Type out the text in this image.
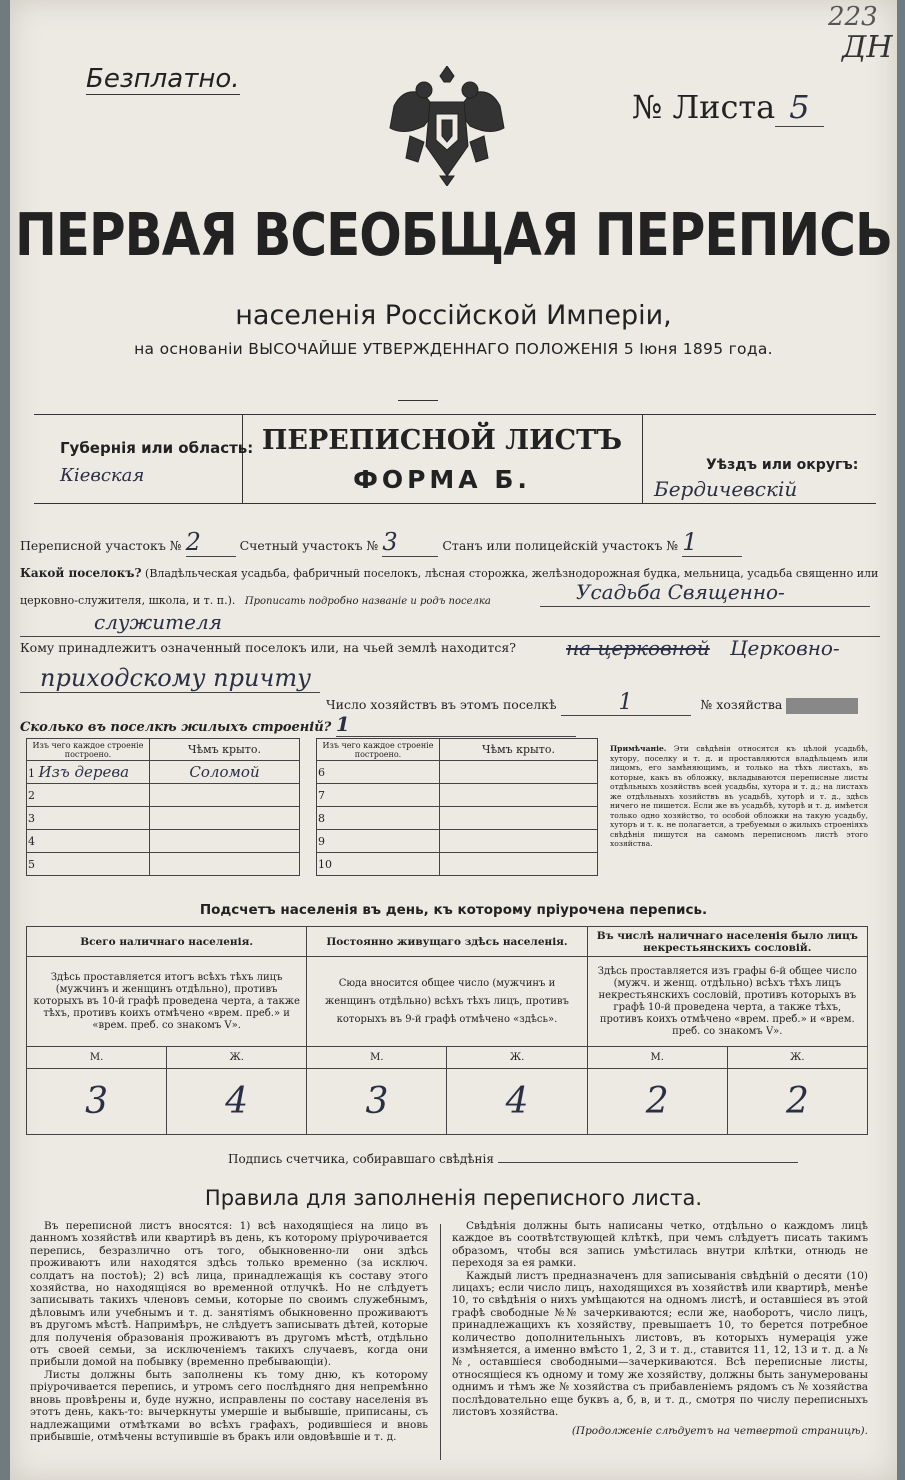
223
ДН
Безплатно.
№ Листа 5
ПЕРВАЯ ВСЕОБЩАЯ ПЕРЕПИСЬ
населенія Россійской Имперіи,
на основаніи ВЫСОЧАЙШЕ УТВЕРЖДЕННАГО ПОЛОЖЕНІЯ 5 Іюня 1895 года.
Губернія или область:
Кіевская
ПЕРЕПИСНОЙ ЛИСТЪ
ФОРМА Б.	Уѣздъ или округъ:
Бердичевскій
Переписной участокъ № 2	Счетный участокъ № 3	Станъ или полицейскій участокъ № 1
Какой поселокъ? (Владѣльческая усадьба, фабричный поселокъ, лѣсная сторожка, желѣзнодорожная будка, мельница, усадьба священно или
церковно-служителя, школа, и т. п.). Прописать подробно названіе и родъ поселка	Усадьба Священно-
служителя
Кому принадлежитъ означенный поселокъ или, на чьей землѣ находится?	на церковной Церковно-
приходскому причту
Число хозяйствъ въ этомъ поселкѣ	1	№ хозяйства
Сколько въ поселкѣ жилыхъ строеній? 1
Изъ чего каждое строеніе построено.	Чѣмъ крыто.
1 Изъ дерева	Соломой
2	
3	
4	
5	
Изъ чего каждое строеніе построено.	Чѣмъ крыто.
6	
7	
8	
9	
10	
Примѣчаніе. Эти свѣдѣнія относятся къ цѣлой усадьбѣ, хутору, поселку и т. д. и проставляются владѣльцемъ или лицомъ, его замѣняющимъ, и только на тѣхъ листахъ, въ которые, какъ въ обложку, вкладываются переписные листы отдѣльныхъ хозяйствъ всей усадьбы, хутора и т. д.; на листахъ же отдѣльныхъ хозяйствъ въ усадьбѣ, хуторѣ и т. д., здѣсь ничего не пишется. Если же въ усадьбѣ, хуторѣ и т. д. имѣется только одно хозяйство, то особой обложки на такую усадьбу, хуторъ и т. к. не полагается, а требуемыя о жилыхъ строеніяхъ свѣдѣнія пишутся на самомъ переписномъ листѣ этого хозяйства.
Подсчетъ населенія въ день, къ которому пріурочена перепись.
Всего наличнаго населенія.		Постоянно живущаго здѣсь населенія.		Въ числѣ наличнаго населенія было лицъ некрестьянскихъ сословій.	
Здѣсь проставляется итогъ всѣхъ тѣхъ лицъ (мужчинъ и женщинъ отдѣльно), противъ которыхъ въ 10-й графѣ проведена черта, а также тѣхъ, противъ коихъ отмѣчено «врем. преб.» и «врем. преб. со знакомъ V».		Сюда вносится общее число (мужчинъ и женщинъ отдѣльно) всѣхъ тѣхъ лицъ, противъ которыхъ въ 9-й графѣ отмѣчено «здѣсь».		Здѣсь проставляется изъ графы 6-й общее число (мужч. и женщ. отдѣльно) всѣхъ тѣхъ лицъ некрестьянскихъ сословій, противъ которыхъ въ графѣ 10-й проведена черта, а также тѣхъ, противъ коихъ отмѣчено «врем. преб.» и «врем. преб. со знакомъ V».	
М.	Ж.	М.	Ж.	М.	Ж.
3	4	3	4	2	2
Подпись счетчика, собиравшаго свѣдѣнія
Правила для заполненія переписного листа.

Въ переписной листъ вносятся: 1) всѣ находящіеся на лицо въ данномъ хозяйствѣ или квартирѣ въ день, къ которому пріурочивается перепись, безразлично отъ того, обыкновенно-ли они здѣсь проживаютъ или находятся здѣсь только временно (за исключ. солдатъ на постоѣ); 2) всѣ лица, принадлежащія къ составу этого хозяйства, но находящіяся во временной отлучкѣ. Но не слѣдуетъ записывать такихъ членовъ семьи, которые по своимъ служебнымъ, дѣловымъ или учебнымъ и т. д. занятіямъ обыкновенно проживаютъ въ другомъ мѣстѣ. Напримѣръ, не слѣдуетъ записывать дѣтей, которые для полученія образованія проживаютъ въ другомъ мѣстѣ, отдѣльно отъ своей семьи, за исключеніемъ такихъ случаевъ, когда они прибыли домой на побывку (временно пребывающіи).

Листы должны быть заполнены къ тому дню, къ которому пріурочивается перепись, и утромъ сего послѣдняго дня непремѣнно вновь провѣрены и, буде нужно, исправлены по составу населенія въ этотъ день, какъ-то: вычеркнуты умершіе и выбывшіе, приписаны, съ надлежащими отмѣтками во всѣхъ графахъ, родившіеся и вновь прибывшіе, отмѣчены вступившіе въ бракъ или овдовѣвшіе и т. д.

Свѣдѣнія должны быть написаны четко, отдѣльно о каждомъ лицѣ каждое въ соотвѣтствующей клѣткѣ, при чемъ слѣдуетъ писать такимъ образомъ, чтобы вся запись умѣстилась внутри клѣтки, отнюдь не переходя за ея рамки.

Каждый листъ предназначенъ для записыванія свѣдѣній о десяти (10) лицахъ; если число лицъ, находящихся въ хозяйствѣ или квартирѣ, менѣе 10, то свѣдѣнія о нихъ умѣщаются на одномъ листѣ, и оставшіеся въ этой графѣ свободные №№ зачеркиваются; если же, наоборотъ, число лицъ, принадлежащихъ къ хозяйству, превышаетъ 10, то берется потребное количество дополнительныхъ листовъ, въ которыхъ нумерація уже измѣняется, а именно вмѣсто 1, 2, 3 и т. д., ставится 11, 12, 13 и т. д. а №№, оставшіеся свободными—зачеркиваются. Всѣ переписные листы, относящіеся къ одному и тому же хозяйству, должны быть занумерованы однимъ и тѣмъ же № хозяйства съ прибавленіемъ рядомъ съ № хозяйства послѣдовательно еще буквъ а, б, в, и т. д., смотря по числу переписныхъ листовъ хозяйства.

(Продолженіе слѣдуетъ на четвертой страницѣ).
